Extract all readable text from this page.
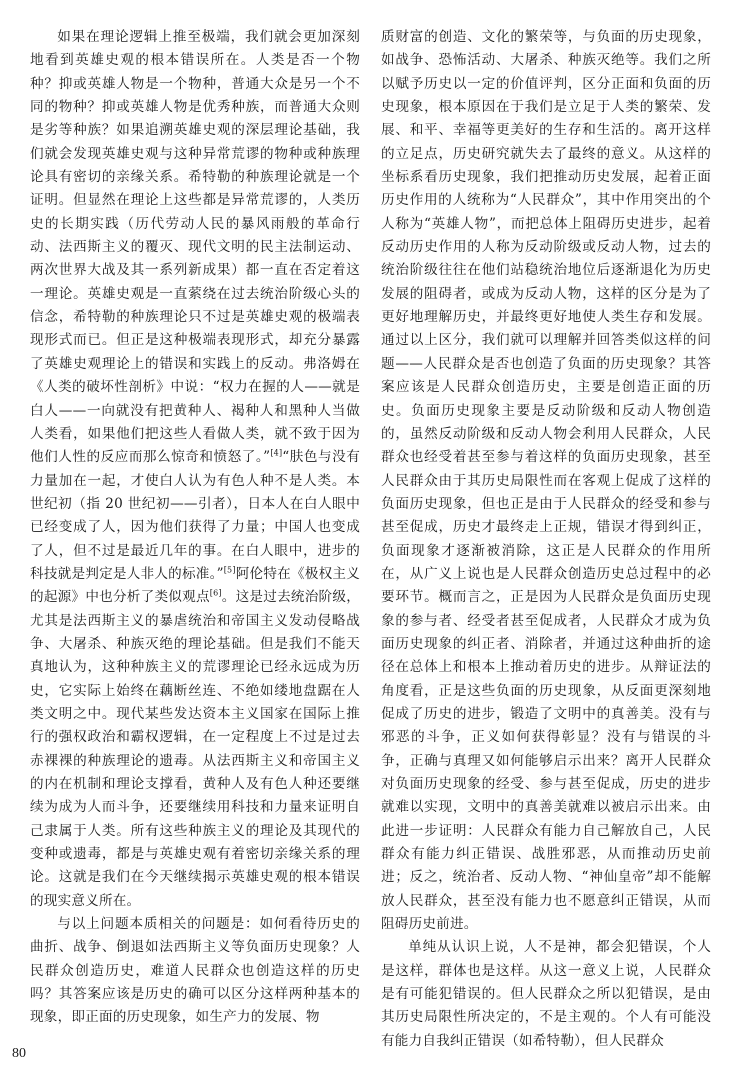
如果在理论逻辑上推至极端，我们就会更加深刻地看到英雄史观的根本错误所在。人类是否一个物种？抑或英雄人物是一个物种，普通大众是另一个不同的物种？抑或英雄人物是优秀种族，而普通大众则是劣等种族？如果追溯英雄史观的深层理论基础，我们就会发现英雄史观与这种异常荒谬的物种或种族理论具有密切的亲缘关系。希特勒的种族理论就是一个证明。但显然在理论上这些都是异常荒谬的，人类历史的长期实践（历代劳动人民的暴风雨般的革命行动、法西斯主义的覆灭、现代文明的民主法制运动、两次世界大战及其一系列新成果）都一直在否定着这一理论。英雄史观是一直萦绕在过去统治阶级心头的信念，希特勒的种族理论只不过是英雄史观的极端表现形式而已。但正是这种极端表现形式，却充分暴露了英雄史观理论上的错误和实践上的反动。弗洛姆在《人类的破坏性剖析》中说：“权力在握的人——就是白人——一向就没有把黄种人、褐种人和黑种人当做人类看，如果他们把这些人看做人类，就不致于因为他们人性的反应而那么惊奇和愤怒了。”[4]“肤色与没有力量加在一起，才使白人认为有色人种不是人类。本世纪初（指 20 世纪初——引者），日本人在白人眼中已经变成了人，因为他们获得了力量；中国人也变成了人，但不过是最近几年的事。在白人眼中，进步的科技就是判定是人非人的标准。”[5]阿伦特在《极权主义的起源》中也分析了类似观点[6]。这是过去统治阶级，尤其是法西斯主义的暴虐统治和帝国主义发动侵略战争、大屠杀、种族灭绝的理论基础。但是我们不能天真地认为，这种种族主义的荒谬理论已经永远成为历史，它实际上始终在藕断丝连、不绝如缕地盘踞在人类文明之中。现代某些发达资本主义国家在国际上推行的强权政治和霸权逻辑，在一定程度上不过是过去赤裸裸的种族理论的遗毒。从法西斯主义和帝国主义的内在机制和理论支撑看，黄种人及有色人种还要继续为成为人而斗争，还要继续用科技和力量来证明自己隶属于人类。所有这些种族主义的理论及其现代的变种或遗毒，都是与英雄史观有着密切亲缘关系的理论。这就是我们在今天继续揭示英雄史观的根本错误的现实意义所在。

与以上问题本质相关的问题是：如何看待历史的曲折、战争、倒退如法西斯主义等负面历史现象？人民群众创造历史，难道人民群众也创造这样的历史吗？其答案应该是历史的确可以区分这样两种基本的现象，即正面的历史现象，如生产力的发展、物

质财富的创造、文化的繁荣等，与负面的历史现象，如战争、恐怖活动、大屠杀、种族灭绝等。我们之所以赋予历史以一定的价值评判，区分正面和负面的历史现象，根本原因在于我们是立足于人类的繁荣、发展、和平、幸福等更美好的生存和生活的。离开这样的立足点，历史研究就失去了最终的意义。从这样的坐标系看历史现象，我们把推动历史发展，起着正面历史作用的人统称为“人民群众”，其中作用突出的个人称为“英雄人物”，而把总体上阻碍历史进步，起着反动历史作用的人称为反动阶级或反动人物，过去的统治阶级往往在他们站稳统治地位后逐渐退化为历史发展的阻碍者，或成为反动人物，这样的区分是为了更好地理解历史，并最终更好地使人类生存和发展。通过以上区分，我们就可以理解并回答类似这样的问题——人民群众是否也创造了负面的历史现象？其答案应该是人民群众创造历史，主要是创造正面的历史。负面历史现象主要是反动阶级和反动人物创造的，虽然反动阶级和反动人物会利用人民群众，人民群众也经受着甚至参与着这样的负面历史现象，甚至人民群众由于其历史局限性而在客观上促成了这样的负面历史现象，但也正是由于人民群众的经受和参与甚至促成，历史才最终走上正规，错误才得到纠正，负面现象才逐渐被消除，这正是人民群众的作用所在，从广义上说也是人民群众创造历史总过程中的必要环节。概而言之，正是因为人民群众是负面历史现象的参与者、经受者甚至促成者，人民群众才成为负面历史现象的纠正者、消除者，并通过这种曲折的途径在总体上和根本上推动着历史的进步。从辩证法的角度看，正是这些负面的历史现象，从反面更深刻地促成了历史的进步，锻造了文明中的真善美。没有与邪恶的斗争，正义如何获得彰显？没有与错误的斗争，正确与真理又如何能够启示出来？离开人民群众对负面历史现象的经受、参与甚至促成，历史的进步就难以实现，文明中的真善美就难以被启示出来。由此进一步证明：人民群众有能力自己解放自己，人民群众有能力纠正错误、战胜邪恶，从而推动历史前进；反之，统治者、反动人物、“神仙皇帝”却不能解放人民群众，甚至没有能力也不愿意纠正错误，从而阻碍历史前进。

单纯从认识上说，人不是神，都会犯错误，个人是这样，群体也是这样。从这一意义上说，人民群众是有可能犯错误的。但人民群众之所以犯错误，是由其历史局限性所决定的，不是主观的。个人有可能没有能力自我纠正错误（如希特勒），但人民群众

80
